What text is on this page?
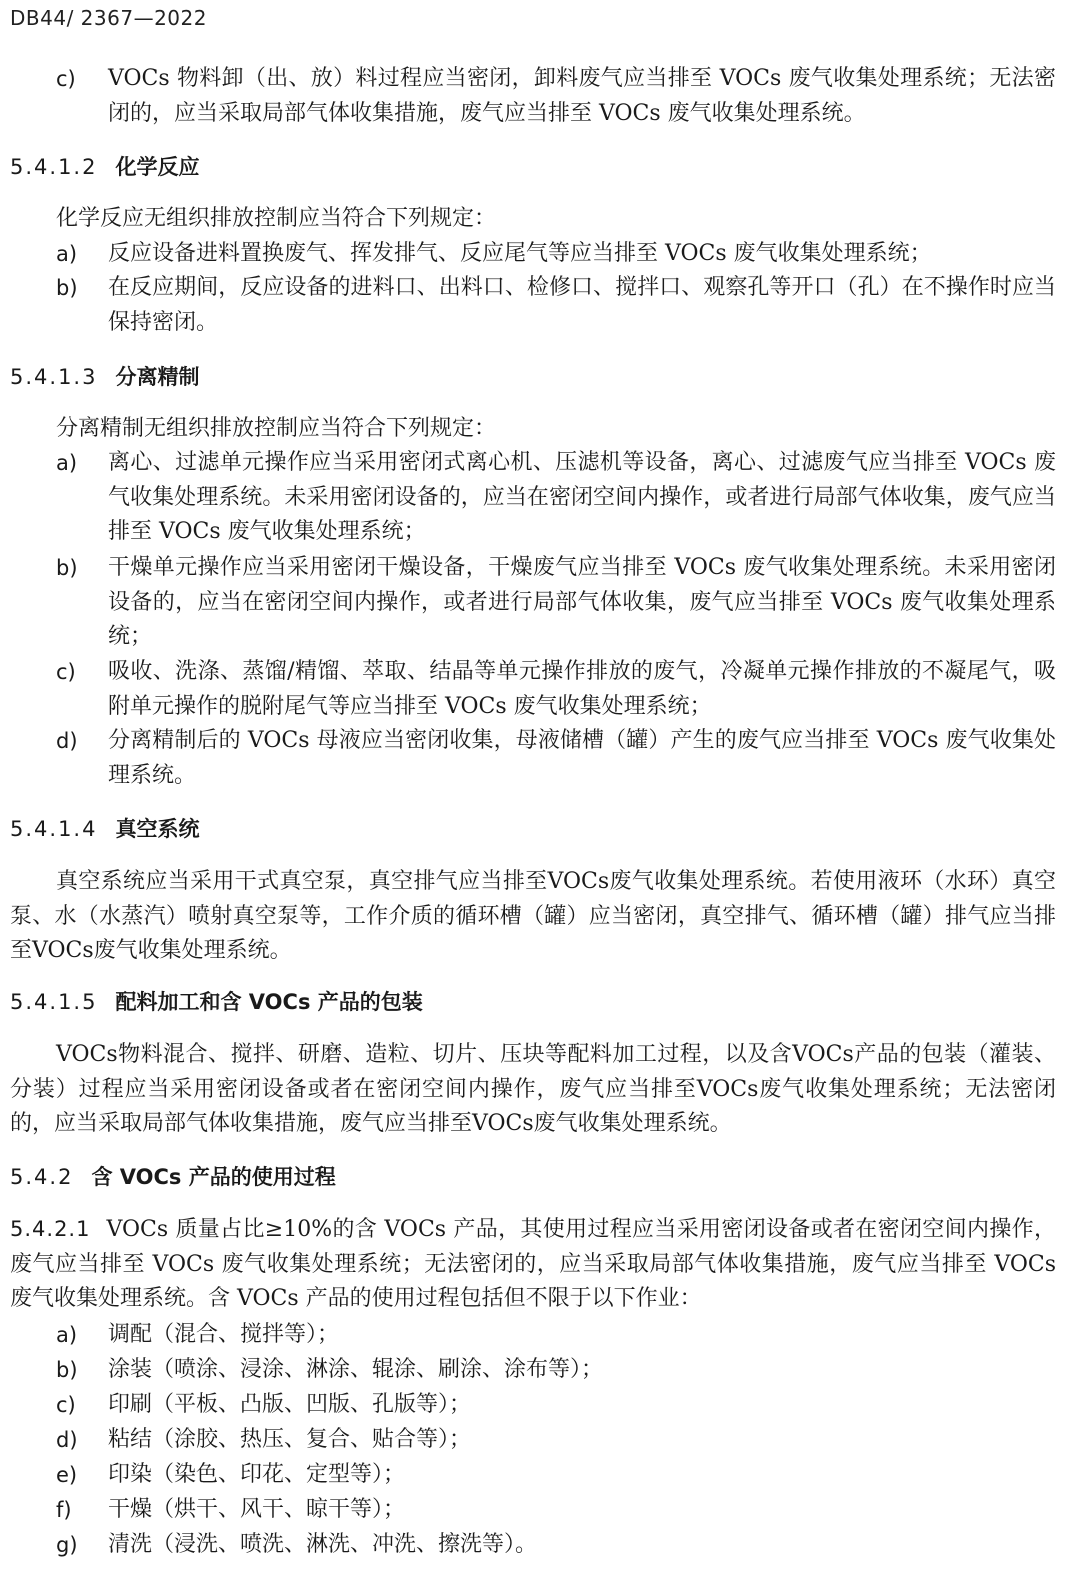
DB44/ 2367—2022
c)	VOCs 物料卸（出、放）料过程应当密闭，卸料废气应当排至 VOCs 废气收集处理系统；无法密闭的，应当采取局部气体收集措施，废气应当排至 VOCs 废气收集处理系统。
5.4.1.2 化学反应
化学反应无组织排放控制应当符合下列规定：
a)	反应设备进料置换废气、挥发排气、反应尾气等应当排至 VOCs 废气收集处理系统；
b)	在反应期间，反应设备的进料口、出料口、检修口、搅拌口、观察孔等开口（孔）在不操作时应当保持密闭。
5.4.1.3 分离精制
分离精制无组织排放控制应当符合下列规定：
a)	离心、过滤单元操作应当采用密闭式离心机、压滤机等设备，离心、过滤废气应当排至 VOCs 废气收集处理系统。未采用密闭设备的，应当在密闭空间内操作，或者进行局部气体收集，废气应当排至 VOCs 废气收集处理系统；
b)	干燥单元操作应当采用密闭干燥设备，干燥废气应当排至 VOCs 废气收集处理系统。未采用密闭设备的，应当在密闭空间内操作，或者进行局部气体收集，废气应当排至 VOCs 废气收集处理系统；
c)	吸收、洗涤、蒸馏/精馏、萃取、结晶等单元操作排放的废气，冷凝单元操作排放的不凝尾气，吸附单元操作的脱附尾气等应当排至 VOCs 废气收集处理系统；
d)	分离精制后的 VOCs 母液应当密闭收集，母液储槽（罐）产生的废气应当排至 VOCs 废气收集处理系统。
5.4.1.4 真空系统
真空系统应当采用干式真空泵，真空排气应当排至VOCs废气收集处理系统。若使用液环（水环）真空泵、水（水蒸汽）喷射真空泵等，工作介质的循环槽（罐）应当密闭，真空排气、循环槽（罐）排气应当排至VOCs废气收集处理系统。
5.4.1.5 配料加工和含 VOCs 产品的包装
VOCs物料混合、搅拌、研磨、造粒、切片、压块等配料加工过程，以及含VOCs产品的包装（灌装、分装）过程应当采用密闭设备或者在密闭空间内操作，废气应当排至VOCs废气收集处理系统；无法密闭的，应当采取局部气体收集措施，废气应当排至VOCs废气收集处理系统。
5.4.2 含 VOCs 产品的使用过程
5.4.2.1 VOCs 质量占比≥10%的含 VOCs 产品，其使用过程应当采用密闭设备或者在密闭空间内操作，废气应当排至 VOCs 废气收集处理系统；无法密闭的，应当采取局部气体收集措施，废气应当排至 VOCs 废气收集处理系统。含 VOCs 产品的使用过程包括但不限于以下作业：
a)	调配（混合、搅拌等）；
b)	涂装（喷涂、浸涂、淋涂、辊涂、刷涂、涂布等）；
c)	印刷（平板、凸版、凹版、孔版等）；
d)	粘结（涂胶、热压、复合、贴合等）；
e)	印染（染色、印花、定型等）；
f)	干燥（烘干、风干、晾干等）；
g)	清洗（浸洗、喷洗、淋洗、冲洗、擦洗等）。
